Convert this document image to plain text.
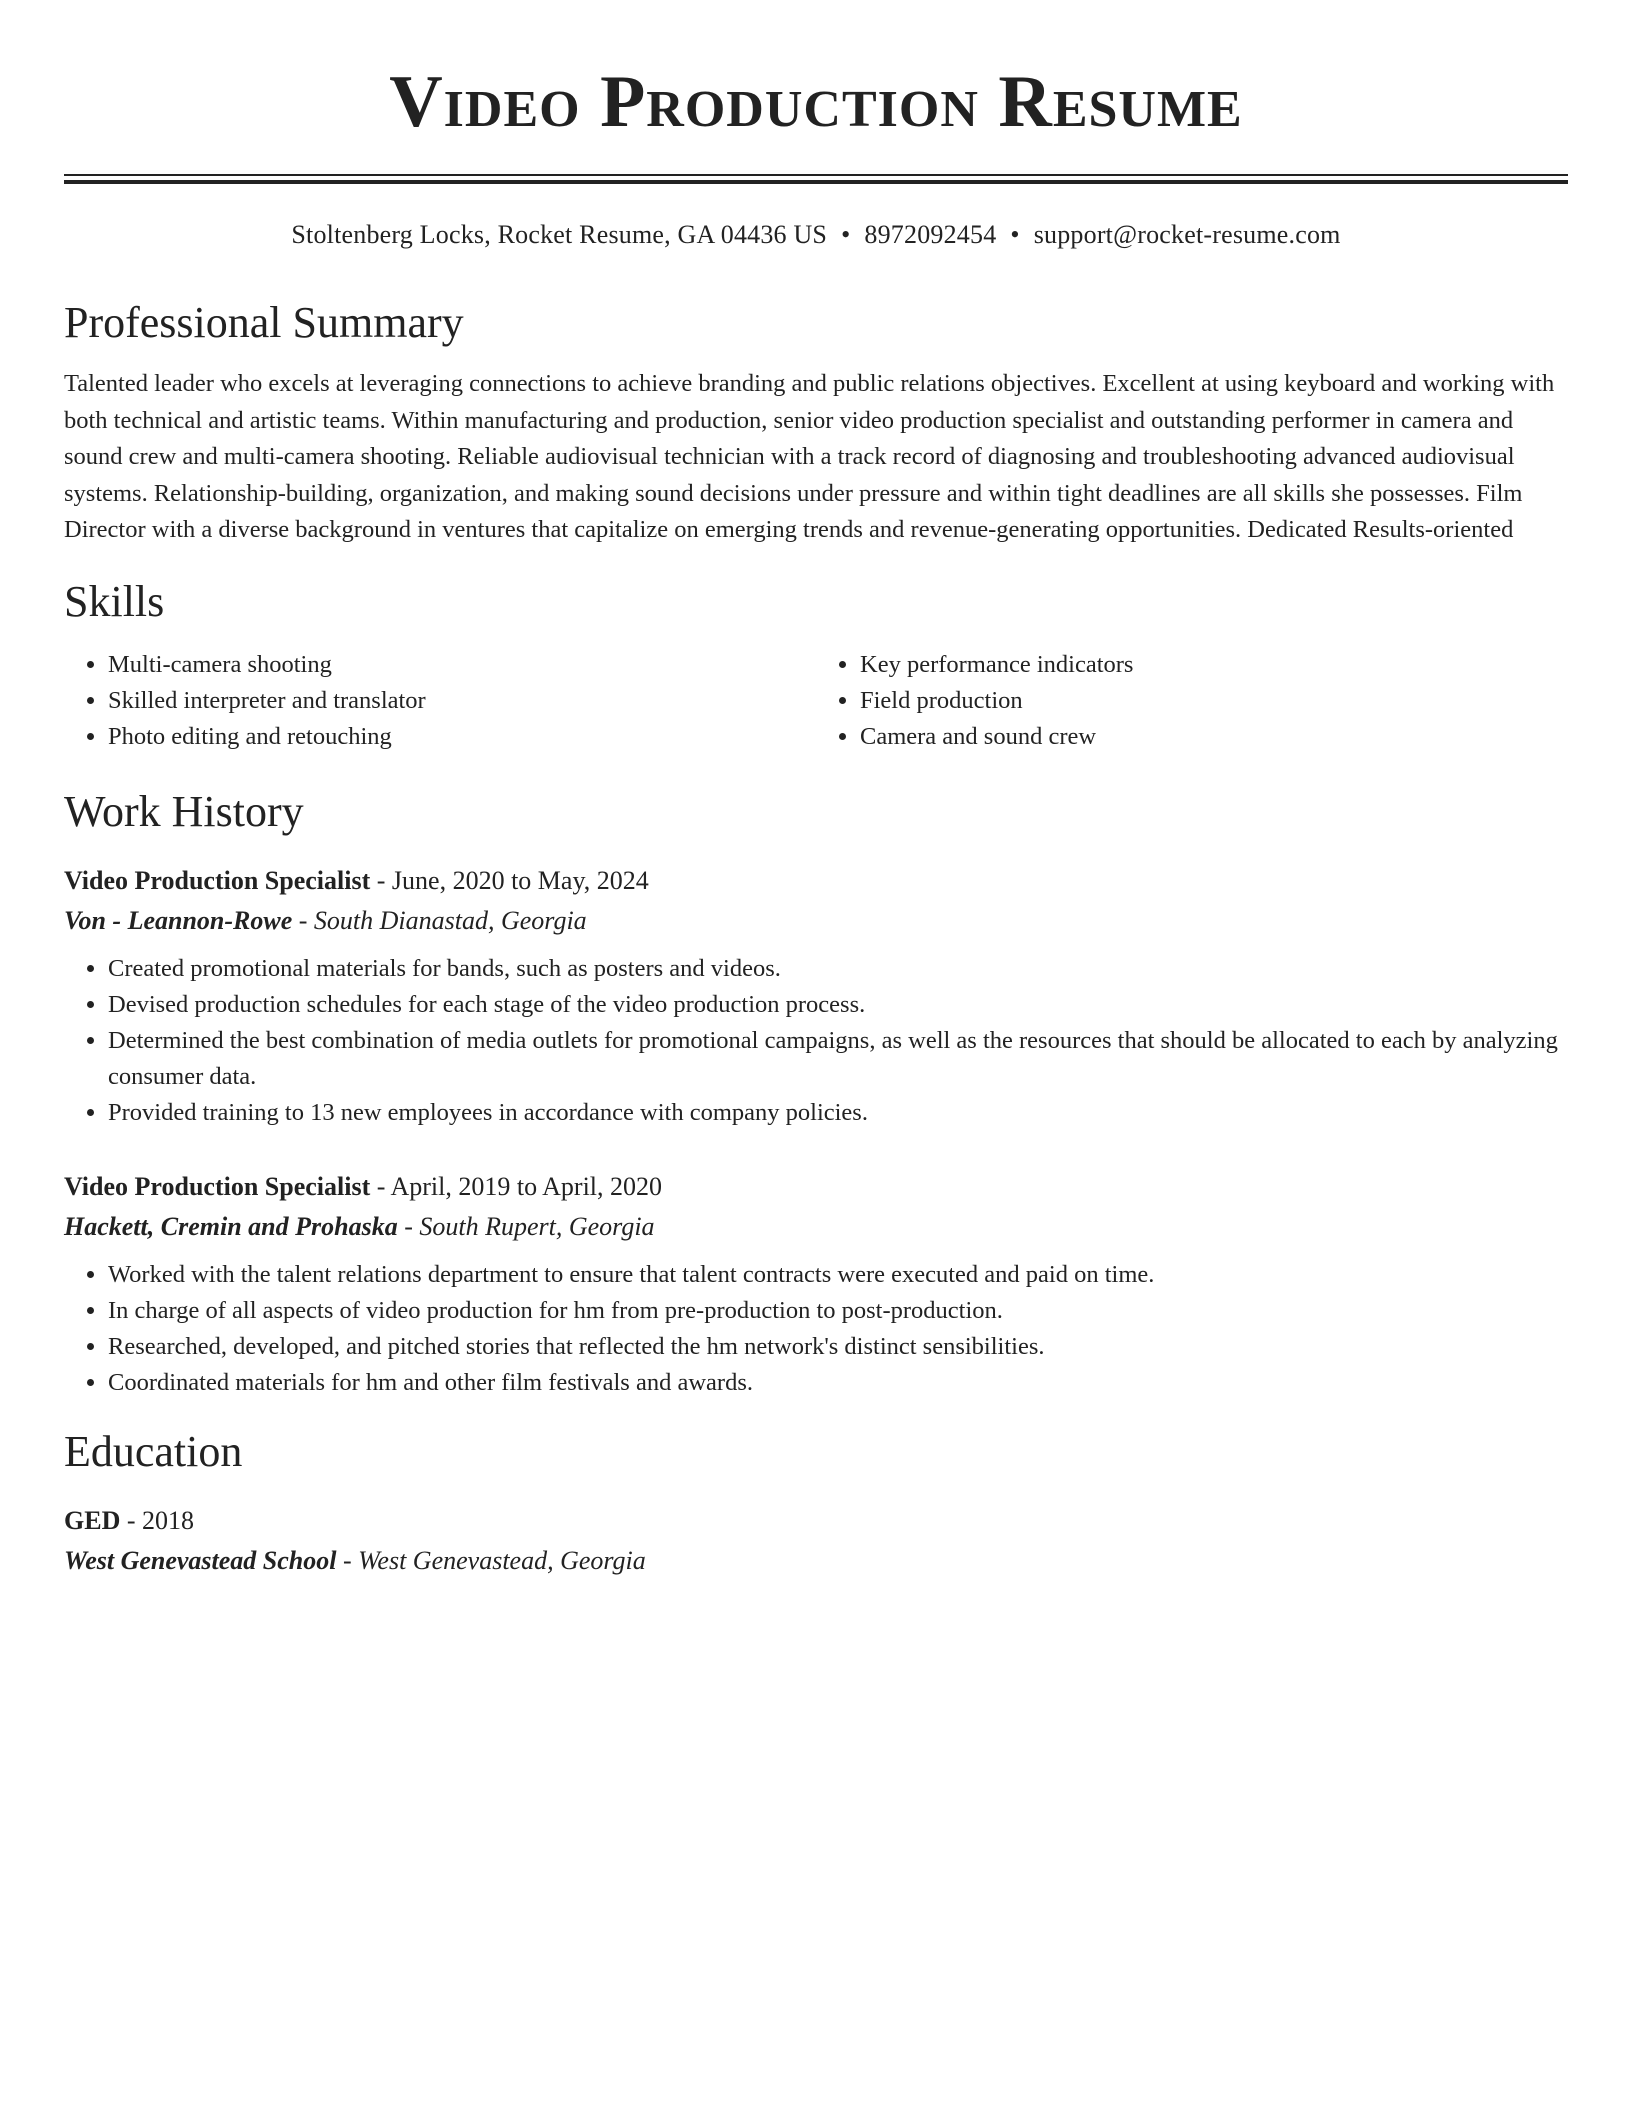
Video Production Resume
Stoltenberg Locks, Rocket Resume, GA 04436 US • 8972092454 • support@rocket-resume.com
Professional Summary
Talented leader who excels at leveraging connections to achieve branding and public relations objectives. Excellent at using keyboard and working with both technical and artistic teams. Within manufacturing and production, senior video production specialist and outstanding performer in camera and sound crew and multi-camera shooting. Reliable audiovisual technician with a track record of diagnosing and troubleshooting advanced audiovisual systems. Relationship-building, organization, and making sound decisions under pressure and within tight deadlines are all skills she possesses. Film Director with a diverse background in ventures that capitalize on emerging trends and revenue-generating opportunities. Dedicated Results-oriented
Skills
• Multi-camera shooting
• Skilled interpreter and translator
• Photo editing and retouching
• Key performance indicators
• Field production
• Camera and sound crew
Work History
Video Production Specialist - June, 2020 to May, 2024
Von - Leannon-Rowe - South Dianastad, Georgia
• Created promotional materials for bands, such as posters and videos.
• Devised production schedules for each stage of the video production process.
• Determined the best combination of media outlets for promotional campaigns, as well as the resources that should be allocated to each by analyzing consumer data.
• Provided training to 13 new employees in accordance with company policies.
Video Production Specialist - April, 2019 to April, 2020
Hackett, Cremin and Prohaska - South Rupert, Georgia
• Worked with the talent relations department to ensure that talent contracts were executed and paid on time.
• In charge of all aspects of video production for hm from pre-production to post-production.
• Researched, developed, and pitched stories that reflected the hm network's distinct sensibilities.
• Coordinated materials for hm and other film festivals and awards.
Education
GED - 2018
West Genevastead School - West Genevastead, Georgia
